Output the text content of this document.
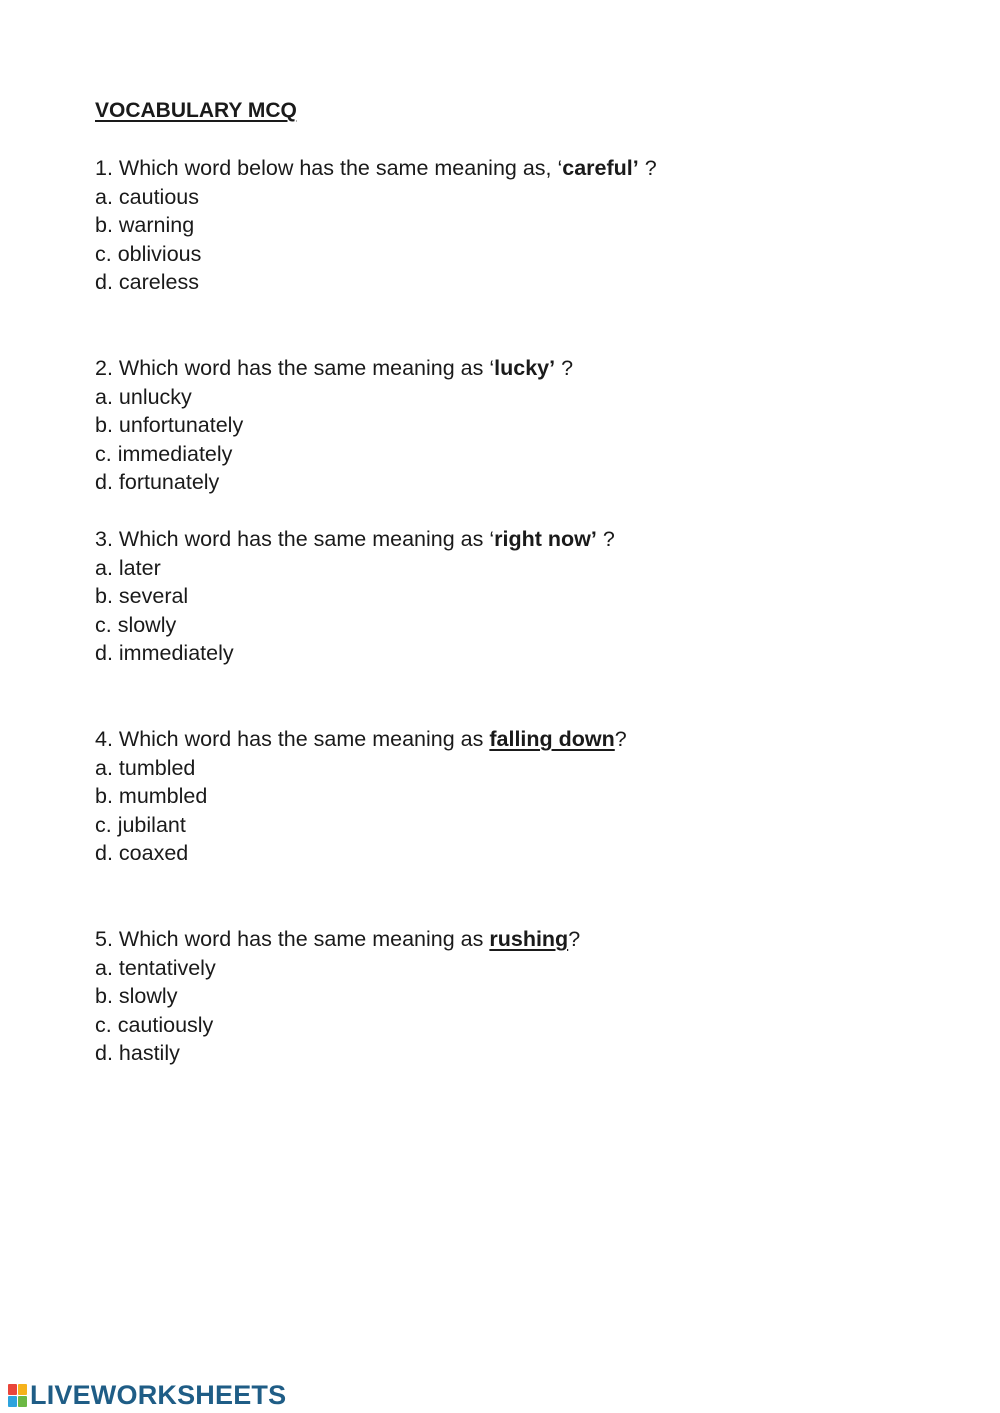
VOCABULARY MCQ
1. Which word below has the same meaning as, ‘careful’ ?
a. cautious
b. warning
c. oblivious
d. careless
2. Which word has the same meaning as ‘lucky’ ?
a. unlucky
b. unfortunately
c. immediately
d. fortunately
3. Which word has the same meaning as ‘right now’ ?
a. later
b. several
c. slowly
d. immediately
4. Which word has the same meaning as falling down?
a. tumbled
b. mumbled
c. jubilant
d. coaxed
5. Which word has the same meaning as rushing?
a. tentatively
b. slowly
c. cautiously
d. hastily
LIVEWORKSHEETS
